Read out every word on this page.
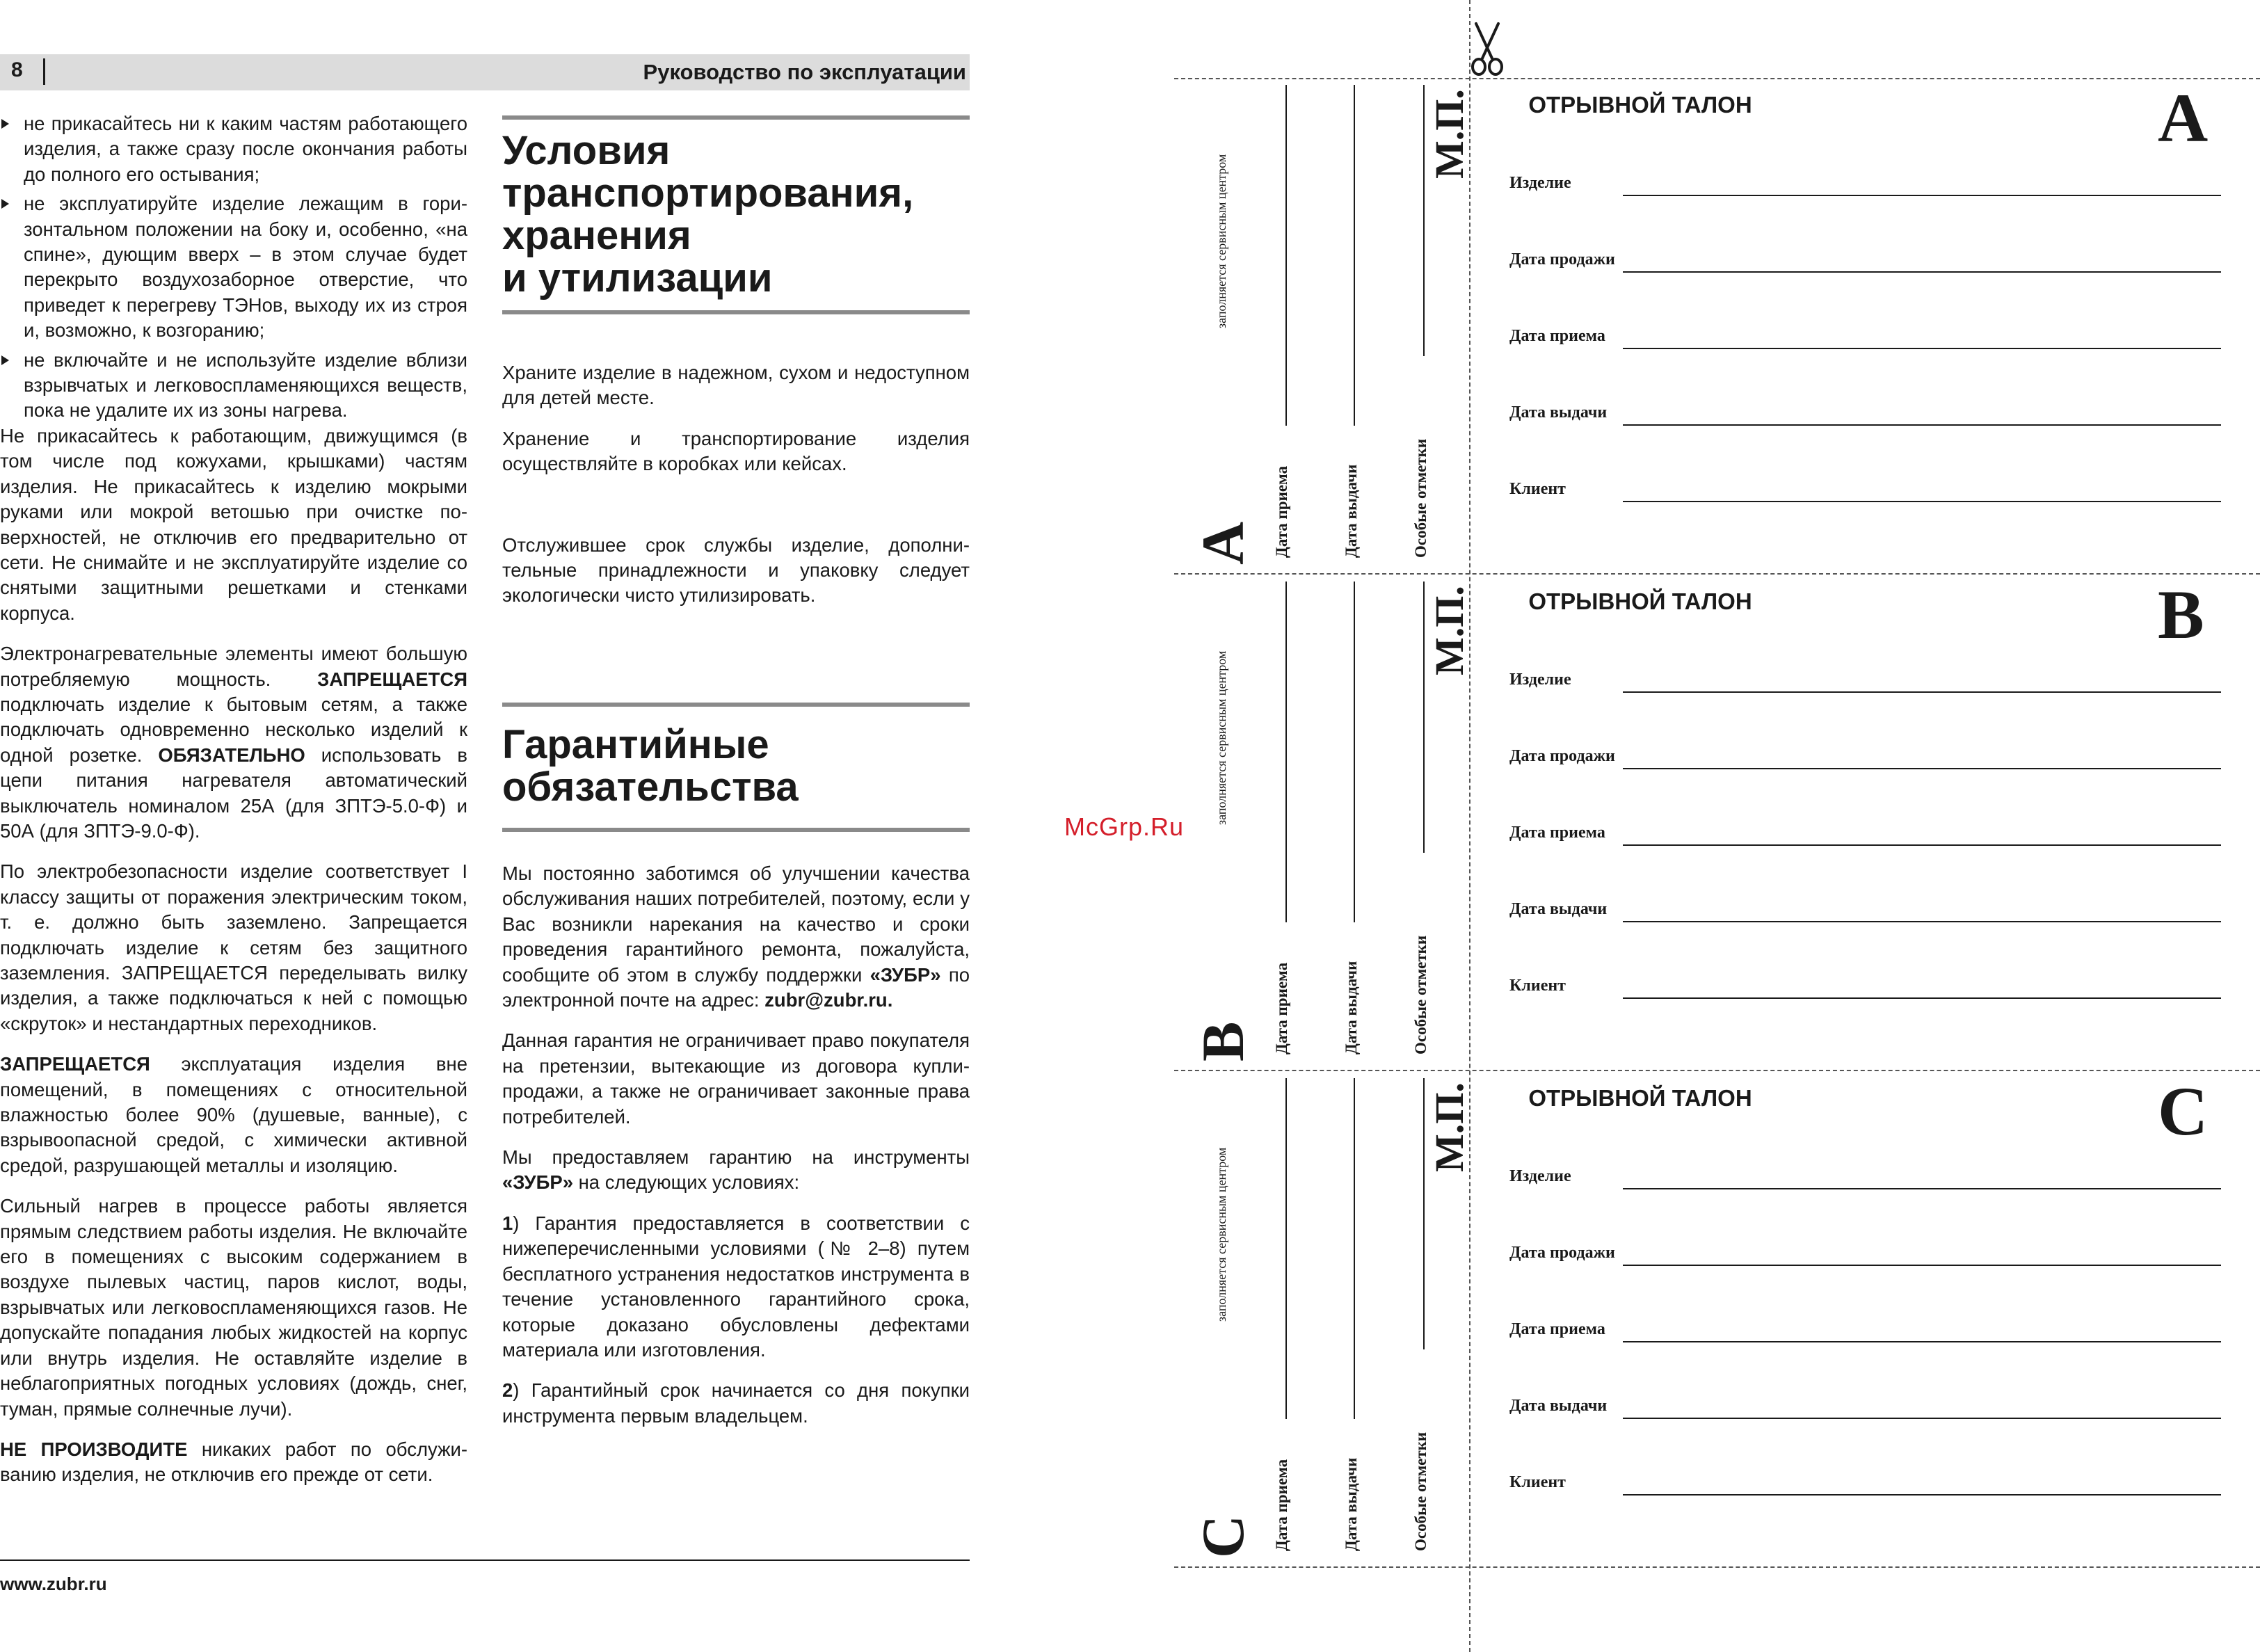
8	Руководство по эксплуатации

не прикасайтесь ни к каким частям работающего изделия, а также сразу после окончания работы до полного его остывания;

не эксплуатируйте изделие лежащим в горизонтальном положении на боку и, особенно, «на спине», дующим вверх – в этом случае будет перекрыто воздухозаборное отверстие, что приведет к перегреву ТЭНов, выходу их из строя и, возможно, к возгоранию;

не включайте и не используйте изделие вблизи взрывчатых и легковоспламеняющихся веществ, пока не удалите их из зоны нагрева.

Не прикасайтесь к работающим, движущимся (в том числе под кожухами, крышками) частям изделия. Не прикасайтесь к изделию мокрыми руками или мокрой ветошью при очистке поверхностей, не отключив его предварительно от сети. Не снимайте и не эксплуатируйте изделие со снятыми защитными решетками и стенками корпуса.

Электронагревательные элементы имеют большую потребляемую мощность. ЗАПРЕЩАЕТСЯ подключать изделие к бытовым сетям, а также подключать одновременно несколько изделий к одной розетке. ОБЯЗАТЕЛЬНО использовать в цепи питания нагревателя автоматический выключатель номиналом 25А (для ЗПТЭ-5.0-Ф) и 50А (для ЗПТЭ-9.0-Ф).

По электробезопасности изделие соответствует I классу защиты от поражения электрическим током, т. е. должно быть заземлено. Запрещается подключать изделие к сетям без защитного заземления. ЗАПРЕЩАЕТСЯ переделывать вилку изделия, а также подключаться к ней с помощью «скруток» и нестандартных переходников.

ЗАПРЕЩАЕТСЯ эксплуатация изделия вне помещений, в помещениях с относительной влажностью более 90% (душевые, ванные), с взрывоопасной средой, с химически активной средой, разрушающей металлы и изоляцию.

Сильный нагрев в процессе работы является прямым следствием работы изделия. Не включайте его в помещениях с высоким содержанием в воздухе пылевых частиц, паров кислот, воды, взрывчатых или легковоспламеняющихся газов. Не допускайте попадания любых жидкостей на корпус или внутрь изделия. Не оставляйте изделие в неблагоприятных погодных условиях (дождь, снег, туман, прямые солнечные лучи).

НЕ ПРОИЗВОДИТЕ никаких работ по обслуживанию изделия, не отключив его прежде от сети.

Условия
транспортирования,
хранения
и утилизации

Храните изделие в надежном, сухом и недоступном для детей месте.

Хранение и транспортирование изделия осуществляйте в коробках или кейсах.

Отслужившее срок службы изделие, дополнительные принадлежности и упаковку следует экологически чисто утилизировать.

Гарантийные
обязательства

Мы постоянно заботимся об улучшении качества обслуживания наших потребителей, поэтому, если у Вас возникли нарекания на качество и сроки проведения гарантийного ремонта, пожалуйста, сообщите об этом в службу поддержки «ЗУБР» по электронной почте на адрес: zubr@zubr.ru.

Данная гарантия не ограничивает право покупателя на претензии, вытекающие из договора купли-продажи, а также не ограничивает законные права потребителей.

Мы предоставляем гарантию на инструменты «ЗУБР» на следующих условиях:

1) Гарантия предоставляется в соответствии с нижеперечисленными условиями (№ 2–8) путем бесплатного устранения недостатков инструмента в течение установленного гарантийного срока, которые доказано обусловлены дефектами материала или изготовления.

2) Гарантийный срок начинается со дня покупки инструмента первым владельцем.

www.zubr.ru
McGrp.Ru
заполняется сервисным центром
A Дата приема	Дата выдачи	Особые отметки
М.П.	ОТРЫВНОЙ ТАЛОН	A
Изделие
Дата продажи
Дата приема
Дата выдачи
Клиент
заполняется сервисным центром
B Дата приема	Дата выдачи	Особые отметки
М.П.	ОТРЫВНОЙ ТАЛОН	B
Изделие
Дата продажи
Дата приема
Дата выдачи
Клиент
заполняется сервисным центром
C Дата приема	Дата выдачи	Особые отметки
М.П.	ОТРЫВНОЙ ТАЛОН	C
Изделие
Дата продажи
Дата приема
Дата выдачи
Клиент
